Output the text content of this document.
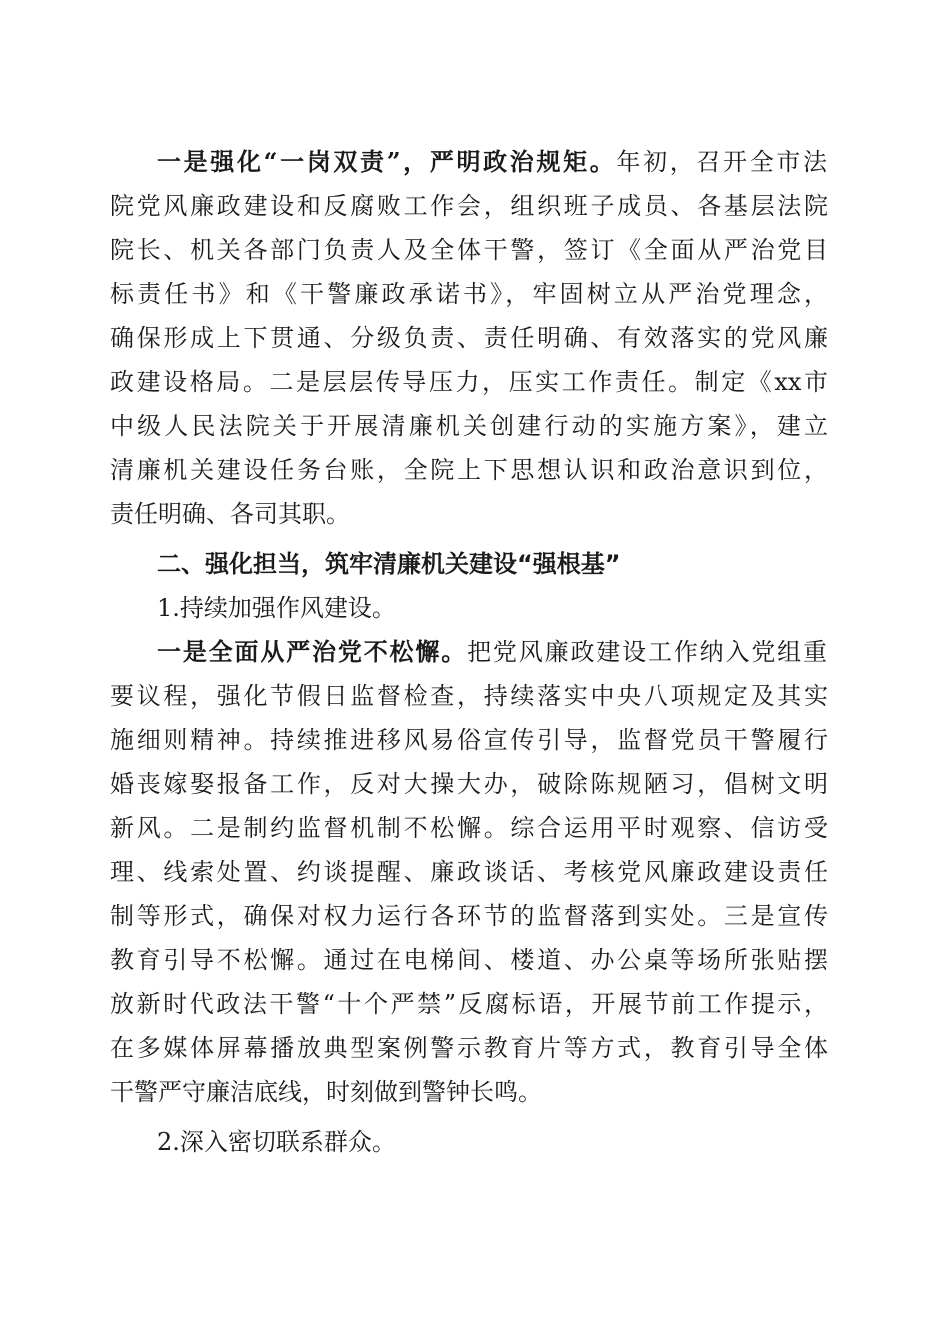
一是强化“一岗双责”，严明政治规矩。年初，召开全市法
院党风廉政建设和反腐败工作会，组织班子成员、各基层法院
院长、机关各部门负责人及全体干警，签订《全面从严治党目
标责任书》和《干警廉政承诺书》，牢固树立从严治党理念，
确保形成上下贯通、分级负责、责任明确、有效落实的党风廉
政建设格局。二是层层传导压力，压实工作责任。制定《xx市
中级人民法院关于开展清廉机关创建行动的实施方案》，建立
清廉机关建设任务台账，全院上下思想认识和政治意识到位，
责任明确、各司其职。
二、强化担当，筑牢清廉机关建设“强根基”
1.持续加强作风建设。
一是全面从严治党不松懈。把党风廉政建设工作纳入党组重
要议程，强化节假日监督检查，持续落实中央八项规定及其实
施细则精神。持续推进移风易俗宣传引导，监督党员干警履行
婚丧嫁娶报备工作，反对大操大办，破除陈规陋习，倡树文明
新风。二是制约监督机制不松懈。综合运用平时观察、信访受
理、线索处置、约谈提醒、廉政谈话、考核党风廉政建设责任
制等形式，确保对权力运行各环节的监督落到实处。三是宣传
教育引导不松懈。通过在电梯间、楼道、办公桌等场所张贴摆
放新时代政法干警“十个严禁”反腐标语，开展节前工作提示，
在多媒体屏幕播放典型案例警示教育片等方式，教育引导全体
干警严守廉洁底线，时刻做到警钟长鸣。
2.深入密切联系群众。
